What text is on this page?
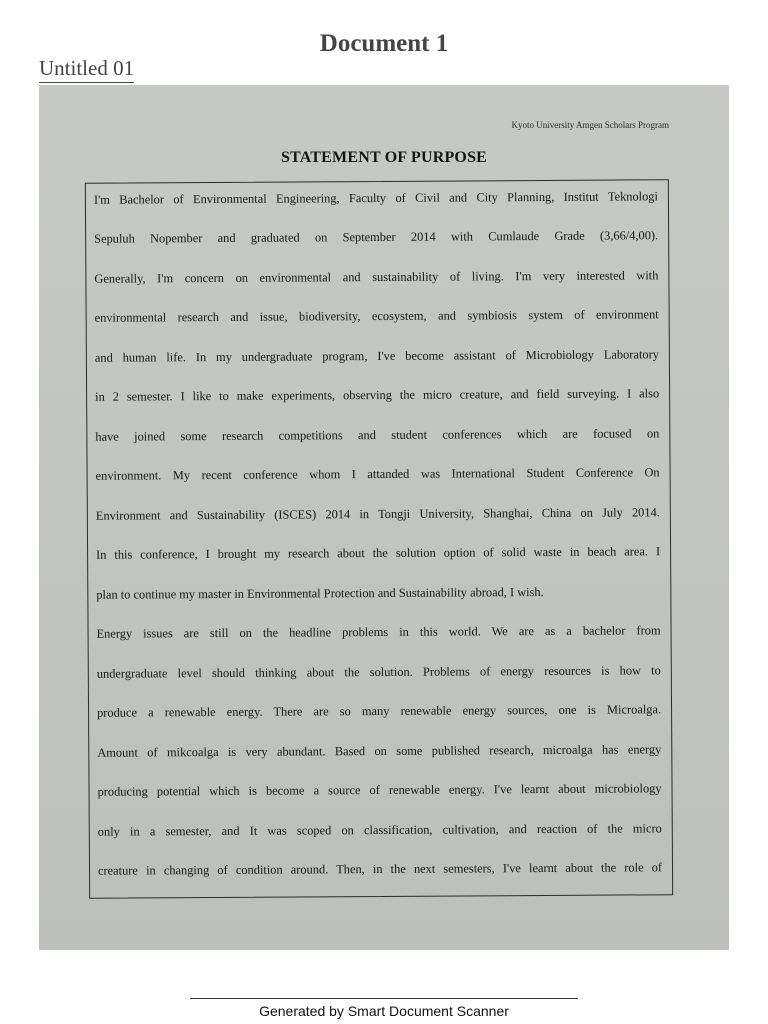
Document 1
Untitled 01
Kyoto University Amgen Scholars Program
STATEMENT OF PURPOSE
I'm Bachelor of Environmental Engineering, Faculty of Civil and City Planning, Institut Teknologi
Sepuluh Nopember and graduated on September 2014 with Cumlaude Grade (3,66/4,00).
Generally, I'm concern on environmental and sustainability of living. I'm very interested with
environmental research and issue, biodiversity, ecosystem, and symbiosis system of environment
and human life. In my undergraduate program, I've become assistant of Microbiology Laboratory
in 2 semester. I like to make experiments, observing the micro creature, and field surveying. I also
have joined some research competitions and student conferences which are focused on
environment. My recent conference whom I attanded was International Student Conference On
Environment and Sustainability (ISCES) 2014 in Tongji University, Shanghai, China on July 2014.
In this conference, I brought my research about the solution option of solid waste in beach area. I
plan to continue my master in Environmental Protection and Sustainability abroad, I wish.
Energy issues are still on the headline problems in this world. We are as a bachelor from
undergraduate level should thinking about the solution. Problems of energy resources is how to
produce a renewable energy. There are so many renewable energy sources, one is Microalga.
Amount of mikcoalga is very abundant. Based on some published research, microalga has energy
producing potential which is become a source of renewable energy. I've learnt about microbiology
only in a semester, and It was scoped on classification, cultivation, and reaction of the micro
creature in changing of condition around. Then, in the next semesters, I've learnt about the role of
Generated by Smart Document Scanner
